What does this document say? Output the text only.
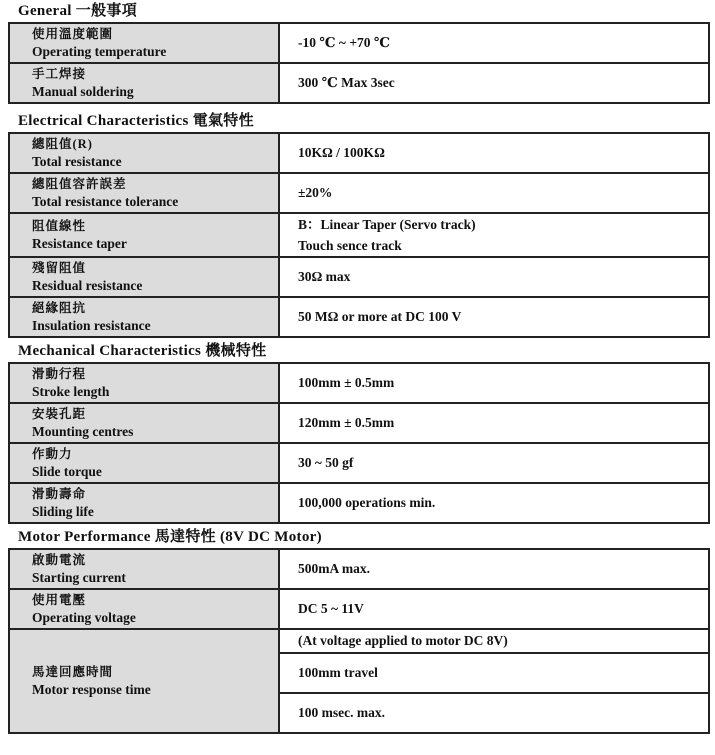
General 一般事項
使用溫度範圍
Operating temperature	-10 ℃ ~ +70 ℃

手工焊接
Manual soldering	300 ℃ Max 3sec
Electrical Characteristics 電氣特性
總阻值(R)
Total resistance	10KΩ / 100KΩ

總阻值容許誤差
Total resistance tolerance	±20%

阻值線性
Resistance taper	B：Linear Taper (Servo track)
Touch sence track

殘留阻值
Residual resistance	30Ω max

絕緣阻抗
Insulation resistance	50 MΩ or more at DC 100 V
Mechanical Characteristics 機械特性
滑動行程
Stroke length	100mm ± 0.5mm

安裝孔距
Mounting centres	120mm ± 0.5mm

作動力
Slide torque	30 ~ 50 gf

滑動壽命
Sliding life	100,000 operations min.
Motor Performance 馬達特性 (8V DC Motor)
啟動電流
Starting current	500mA max.

使用電壓
Operating voltage	DC 5 ~ 11V

馬達回應時間
Motor response time	(At voltage applied to motor DC 8V)
	100mm travel
	100 msec. max.
